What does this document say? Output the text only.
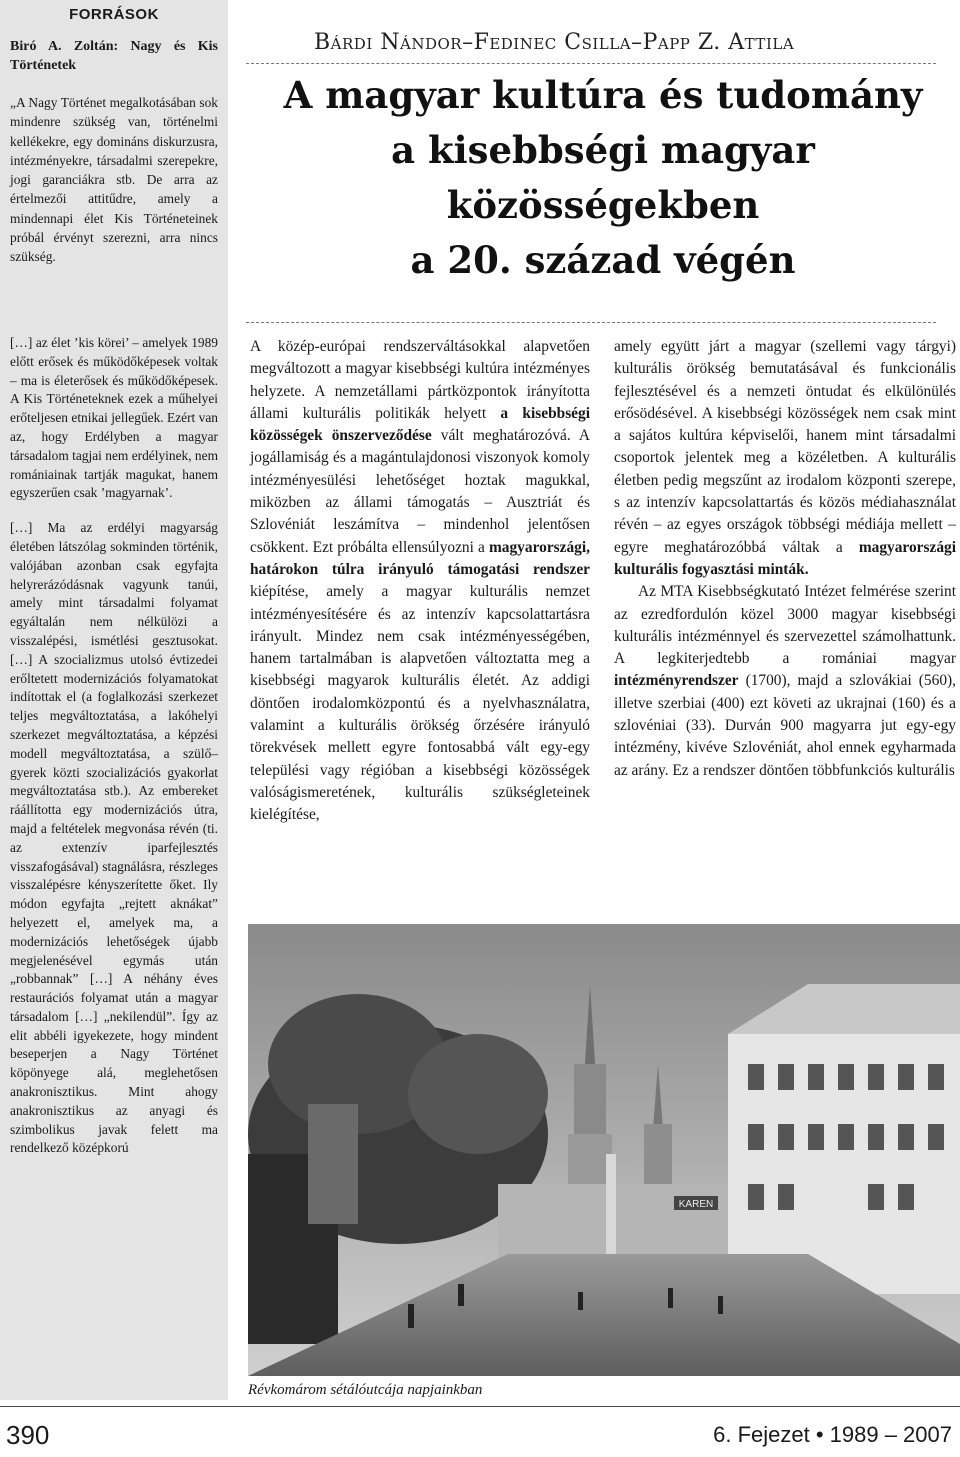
FORRÁSOK
Biró A. Zoltán: Nagy és Kis Történetek

„A Nagy Történet megalkotásában sok mindenre szükség van, történelmi kellékekre, egy domináns diskurzusra, intézményekre, társadalmi szerepekre, jogi garanciákra stb. De arra az értelmezői attitűdre, amely a mindennapi élet Kis Történeteinek próbál érvényt szerezni, arra nincs szükség.

[…] az élet ’kis körei’ – amelyek 1989 előtt erősek és működőképesek voltak – ma is életerősek és működőképesek. A Kis Történeteknek ezek a műhelyei erőteljesen etnikai jellegűek. Ezért van az, hogy Erdélyben a magyar társadalom tagjai nem erdélyinek, nem romániainak tartják magukat, hanem egyszerűen csak ’magyarnak’.

[…] Ma az erdélyi magyarság életében látszólag sokminden történik, valójában azonban csak egyfajta helyrerázódásnak vagyunk tanúi, amely mint társadalmi folyamat egyáltalán nem nélkülözi a visszalépési, ismétlési gesztusokat. […] A szocializmus utolsó évtizedei erőltetett modernizációs folyamatokat indítottak el (a foglalkozási szerkezet teljes megváltoztatása, a lakóhelyi szerkezet megváltoztatása, a képzési modell megváltoztatása, a szülő–gyerek közti szocializációs gyakorlat megváltoztatása stb.). Az embereket ráállította egy modernizációs útra, majd a feltételek megvonása révén (ti. az extenzív iparfejlesztés visszafogásával) stagnálásra, részleges visszalépésre kényszerítette őket. Ily módon egyfajta „rejtett aknákat” helyezett el, amelyek ma, a modernizációs lehetőségek újabb megjelenésével egymás után „robbannak” […] A néhány éves restaurációs folyamat után a magyar társadalom […] „nekilendül”. Így az elit abbéli igyekezete, hogy mindent beseperjen a Nagy Történet köpönyege alá, meglehetősen anakronisztikus. Mint ahogy anakronisztikus az anyagi és szimbolikus javak felett ma rendelkező középkorú

Bárdi Nándor–Fedinec Csilla–Papp Z. Attila
A magyar kultúra és tudomány
a kisebbségi magyar közösségekben
a 20. század végén

A közép-európai rendszerváltásokkal alapvetően megváltozott a magyar kisebbségi kultúra intézményes helyzete. A nemzetállami pártközpontok irányította állami kulturális politikák helyett a kisebbségi közösségek önszerveződése vált meghatározóvá. A jogállamiság és a magántulajdonosi viszonyok komoly intézményesülési lehetőséget hoztak magukkal, miközben az állami támogatás – Ausztriát és Szlovéniát leszámítva – mindenhol jelentősen csökkent. Ezt próbálta ellensúlyozni a magyarországi, határokon túlra irányuló támogatási rendszer kiépítése, amely a magyar kulturális nemzet intézményesítésére és az intenzív kapcsolattartásra irányult. Mindez nem csak intézményességében, hanem tartalmában is alapvetően változtatta meg a kisebbségi magyarok kulturális életét. Az addigi döntően irodalomközpontú és a nyelvhasználatra, valamint a kulturális örökség őrzésére irányuló törekvések mellett egyre fontosabbá vált egy-egy települési vagy régióban a kisebbségi közösségek valóságismeretének, kulturális szükségleteinek kielégítése,

amely együtt járt a magyar (szellemi vagy tárgyi) kulturális örökség bemutatásával és funkcionális fejlesztésével és a nemzeti öntudat és elkülönülés erősödésével. A kisebbségi közösségek nem csak mint a sajátos kultúra képviselői, hanem mint társadalmi csoportok jelentek meg a közéletben. A kulturális életben pedig megszűnt az irodalom központi szerepe, s az intenzív kapcsolattartás és közös médiahasználat révén – az egyes országok többségi médiája mellett – egyre meghatározóbbá váltak a magyarországi kulturális fogyasztási minták.

Az MTA Kisebbségkutató Intézet felmérése szerint az ezredfordulón közel 3000 magyar kisebbségi kulturális intézménnyel és szervezettel számolhattunk. A legkiterjedtebb a romániai magyar intézményrendszer (1700), majd a szlovákiai (560), illetve szerbiai (400) ezt követi az ukrajnai (160) és a szlovéniai (33). Durván 900 magyarra jut egy-egy intézmény, kivéve Szlovéniát, ahol ennek egyharmada az arány. Ez a rendszer döntően többfunkciós kulturális

KAREN
Révkomárom sétálóutcája napjainkban
390	6. Fejezet • 1989 – 2007
